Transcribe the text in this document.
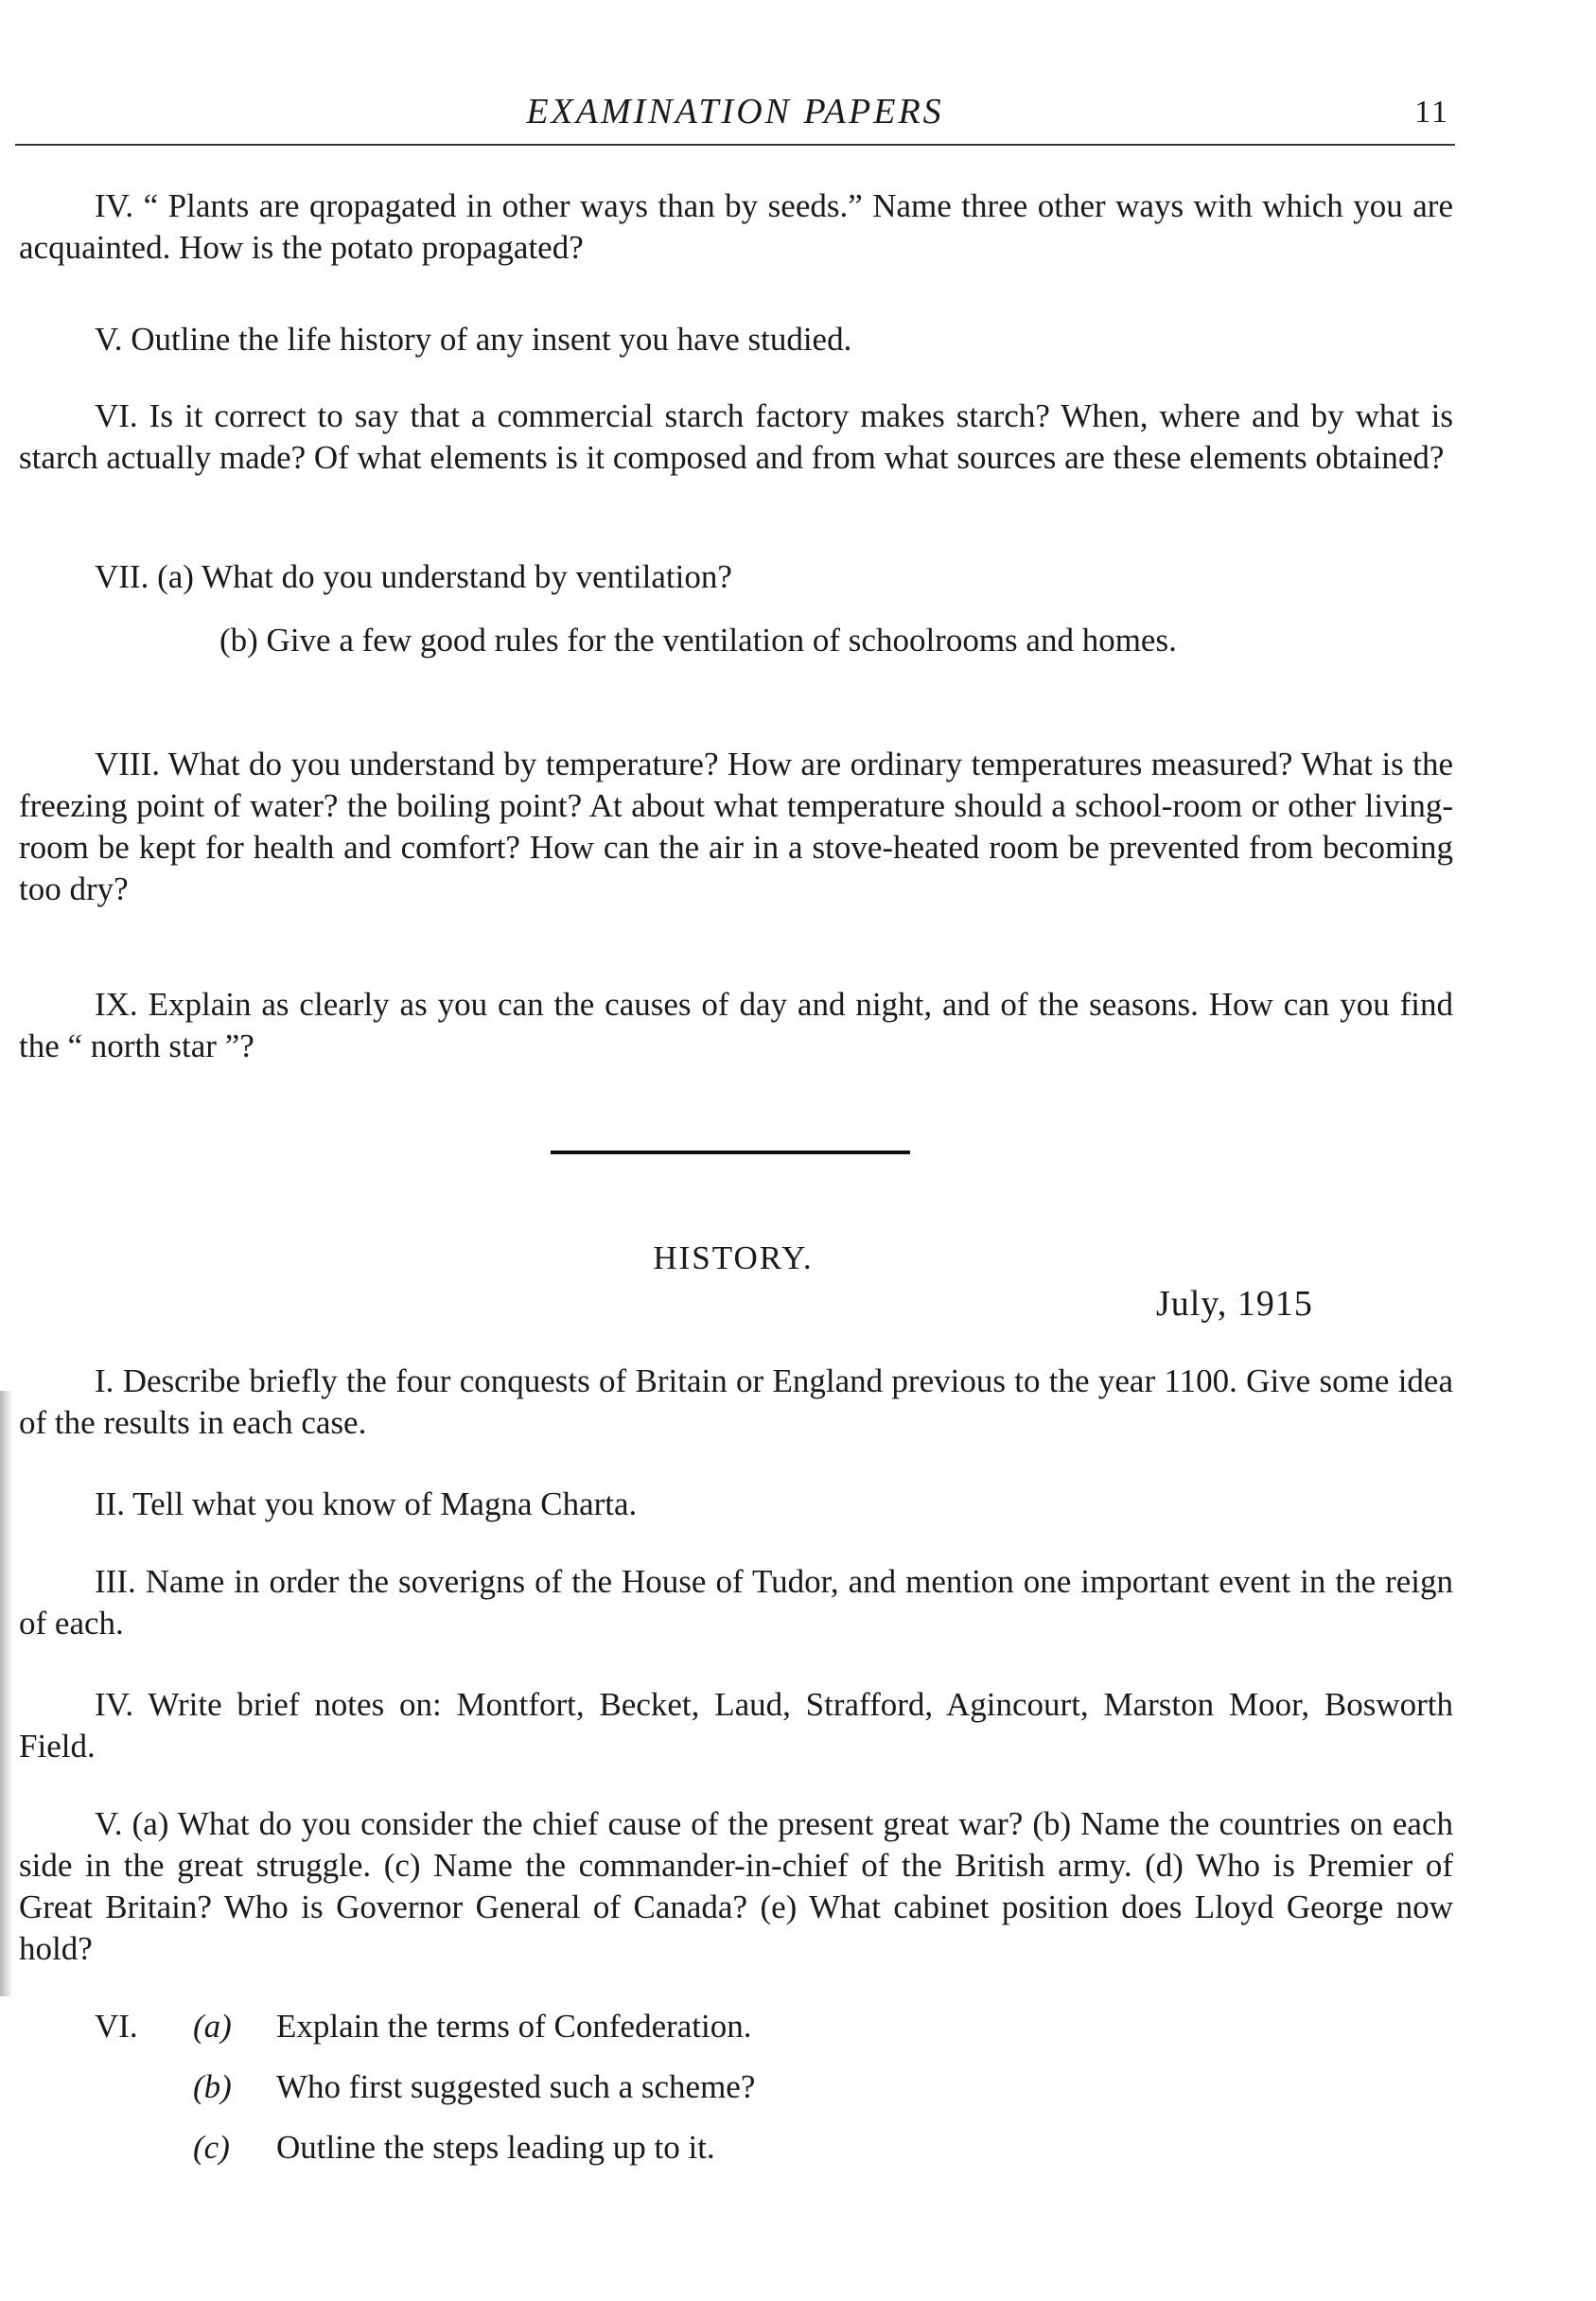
EXAMINATION PAPERS	11

IV. “ Plants are qropagated in other ways than by seeds.” Name three other ways with which you are acquainted. How is the potato propagated?

V. Outline the life history of any insent you have studied.

VI. Is it correct to say that a commercial starch factory makes starch? When, where and by what is starch actually made? Of what elements is it composed and from what sources are these elements obtained?

VII. (a) What do you understand by ventilation?

(b) Give a few good rules for the ventilation of schoolrooms and homes.

VIII. What do you understand by temperature? How are ordinary temperatures measured? What is the freezing point of water? the boiling point? At about what temperature should a school-room or other living-room be kept for health and comfort? How can the air in a stove-heated room be prevented from becoming too dry?

IX. Explain as clearly as you can the causes of day and night, and of the seasons. How can you find the “ north star ”?

HISTORY.
July, 1915

I. Describe briefly the four conquests of Britain or England previous to the year 1100. Give some idea of the results in each case.

II. Tell what you know of Magna Charta.

III. Name in order the soverigns of the House of Tudor, and mention one important event in the reign of each.

IV. Write brief notes on: Montfort, Becket, Laud, Strafford, Agincourt, Marston Moor, Bosworth Field.

V. (a) What do you consider the chief cause of the present great war? (b) Name the countries on each side in the great struggle. (c) Name the commander-in-chief of the British army. (d) Who is Premier of Great Britain? Who is Governor General of Canada? (e) What cabinet position does Lloyd George now hold?

VI. (a) Explain the terms of Confederation.
(b) Who first suggested such a scheme?
(c) Outline the steps leading up to it.
